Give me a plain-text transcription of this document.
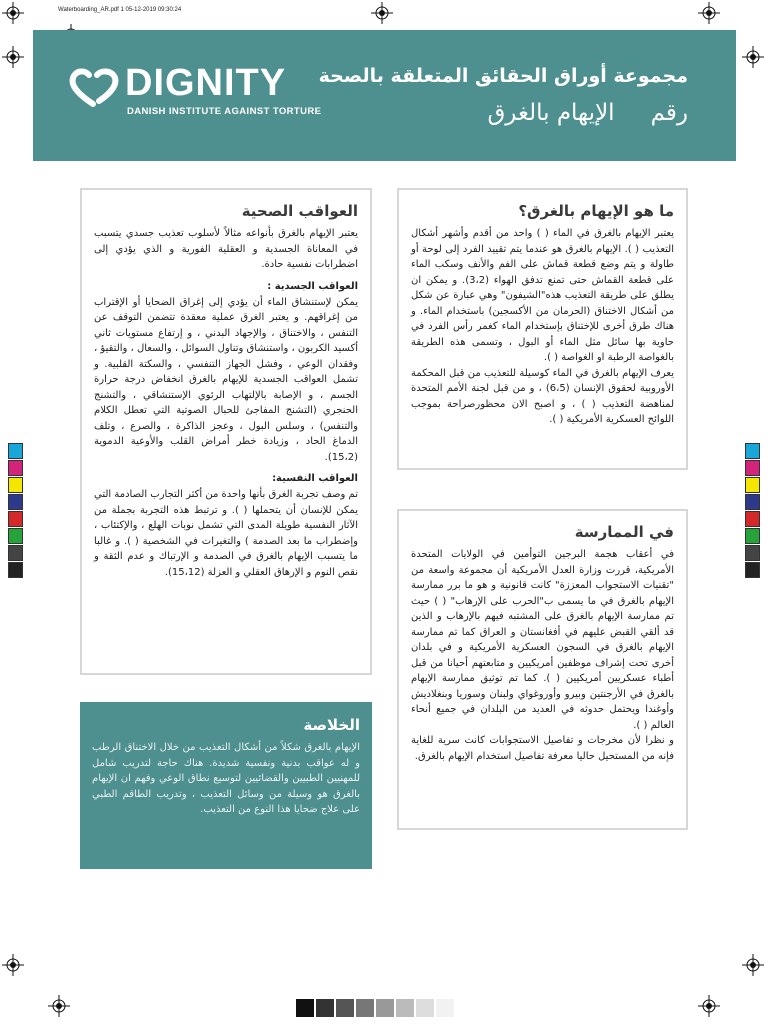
Waterboarding_AR.pdf 1 05-12-2019 09:30:24
DIGNITY
DANISH INSTITUTE AGAINST TORTURE
مجموعة أوراق الحقائق المتعلقة بالصحة
رقمالإيهام بالغرق
ما هو الإيهام بالغرق؟

يعتبر الإيهام بالغرق في الماء ( ) واحد من أقدم وأشهر أشكال التعذيب ( ). الإيهام بالغرق هو عندما يتم تقييد الفرد إلى لوحة أو طاولة و يتم وضع قطعة قماش على الفم والأنف وسكب الماء على قطعة القماش حتى تمنع تدفق الهواء (3،2). و يمكن ان يطلق على طريقة التعذيب هذه"الشيفون" وهي عبارة عن شكل من أشكال الاختناق (الحرمان من الأكسجين) باستخدام الماء. و هناك طرق أخرى للإختناق بإستخدام الماء كغمر رأس الفرد في حاوية بها سائل مثل الماء أو البول ، وتسمى هذه الطريقة بالغواصة الرطبة او الغواصة ( ).

يعرف الإيهام بالغرق في الماء كوسيلة للتعذيب من قبل المحكمة الأوروبية لحقوق الإنسان (6،5) ، و من قبل لجنة الأمم المتحدة لمناهضة التعذيب ( ) ، و اصبح الان محظورصراحة بموجب اللوائح العسكرية الأمريكية ( ).

في الممارسة

في أعقاب هجمة البرجين التوأمين في الولايات المتحدة الأمريكية، قررت وزارة العدل الأمريكية أن مجموعة واسعة من "تقنيات الاستجواب المعززة" كانت قانونية و هو ما برر ممارسة الإيهام بالغرق في ما يسمى ب"الحرب على الإرهاب" ( ) حيث تم ممارسة الإيهام بالغرق على المشتبه فيهم بالإرهاب و الذين قد ألقي القبض عليهم في أفغانستان و العراق كما تم ممارسة الإيهام بالغرق في السجون العسكرية الأمريكية و في بلدان أخرى تحت إشراف موظفين أمريكيين و متابعتهم أحيانا من قبل أطباء عسكريين أمريكيين ( ). كما تم توثيق ممارسة الإيهام بالغرق في الأرجنتين وبيرو وأوروغواي ولبنان وسوريا وبنغلاديش وأوغندا ويحتمل حدوثه في العديد من البلدان في جميع أنحاء العالم ( ).

و نظرا لأن مخرجات و تفاصيل الاستجوابات كانت سرية للغاية فإنه من المستحيل حاليا معرفة تفاصيل استخدام الإيهام بالغرق.

العواقب الصحية

يعتبر الإيهام بالغرق بأنواعه مثالاً لأسلوب تعذيب جسدي يتسبب في المعاناة الجسدية و العقلية الفورية و الذي يؤدي إلى اضطرابات نفسية حادة.

العواقب الجسدية :

يمكن لإستنشاق الماء أن يؤدي إلى إغراق الضحايا أو الإقتراب من إغراقهم. و يعتبر الغرق عملية معقدة تتضمن التوقف عن التنفس ، والاختناق ، والإجهاد البدني ، و إرتفاع مستويات ثاني أكسيد الكربون ، واستنشاق وتناول السوائل ، والسعال ، والتقيؤ ، وفقدان الوعي ، وفشل الجهاز التنفسي ، والسكتة القلبية. و تشمل العواقب الجسدية للإيهام بالغرق انخفاض درجة حرارة الجسم ، و الإصابة بالإلتهاب الرئوي الإستنشاقي ، والتشنج الحنجري (التشنج المفاجئ للحبال الصوتية التي تعطل الكلام والتنفس) ، وسلس البول ، وعجز الذاكرة ، والصرع ، وتلف الدماغ الحاد ، وزيادة خطر أمراض القلب والأوعية الدموية (15،2).

العواقب النفسية:

تم وصف تجربة الغرق بأنها واحدة من أكثر التجارب الصادمة التي يمكن للإنسان أن يتحملها ( ). و ترتبط هذه التجربة بجملة من الآثار النفسية طويلة المدى التي تشمل نوبات الهلع ، والإكتئاب ، وإضطراب ما بعد الصدمة ) والتغيرات في الشخصية ( ). و غالبا ما يتسبب الإيهام بالغرق في الصدمة و الإرتباك و عدم الثقة و نقص النوم و الإرهاق العقلي و العزلة (15،12).

الخلاصة

الإيهام بالغرق شكلاً من أشكال التعذيب من خلال الاختناق الرطب و له عواقب بدنية ونفسية شديدة. هناك حاجة لتدريب شامل للمهنيين الطبيين والقضائيين لتوسيع نطاق الوعي وفهم ان الإيهام بالغرق هو وسيلة من وسائل التعذيب ، وتدريب الطاقم الطبي على علاج ضحايا هذا النوع من التعذيب.
